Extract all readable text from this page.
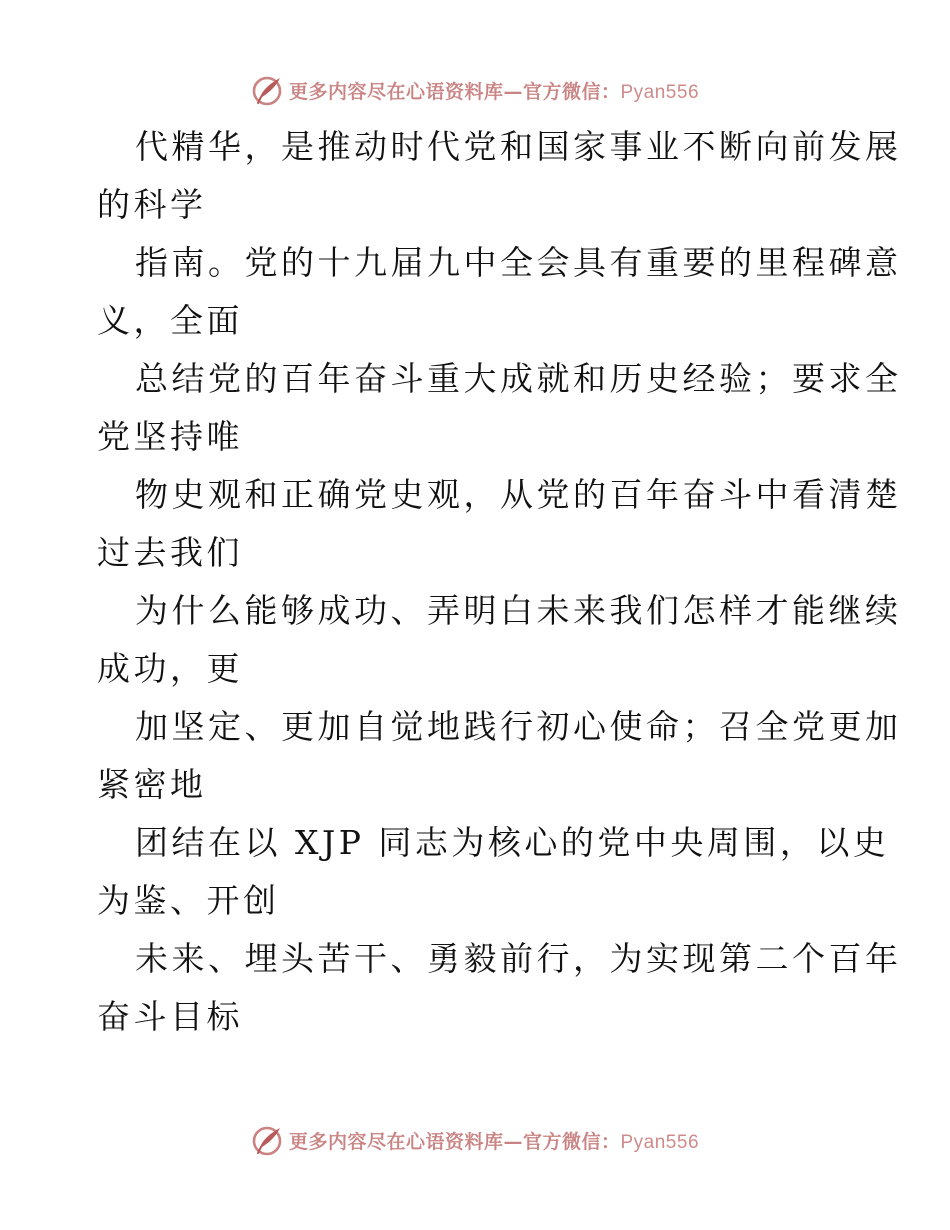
更多内容尽在心语资料库—官方微信：Pyan556
代精华，是推动时代党和国家事业不断向前发展
的科学
指南。党的十九届九中全会具有重要的里程碑意
义，全面
总结党的百年奋斗重大成就和历史经验；要求全
党坚持唯
物史观和正确党史观，从党的百年奋斗中看清楚
过去我们
为什么能够成功、弄明白未来我们怎样才能继续
成功，更
加坚定、更加自觉地践行初心使命；召全党更加
紧密地
团结在以 XJP 同志为核心的党中央周围，以史
为鉴、开创
未来、埋头苦干、勇毅前行，为实现第二个百年
奋斗目标
更多内容尽在心语资料库—官方微信：Pyan556
